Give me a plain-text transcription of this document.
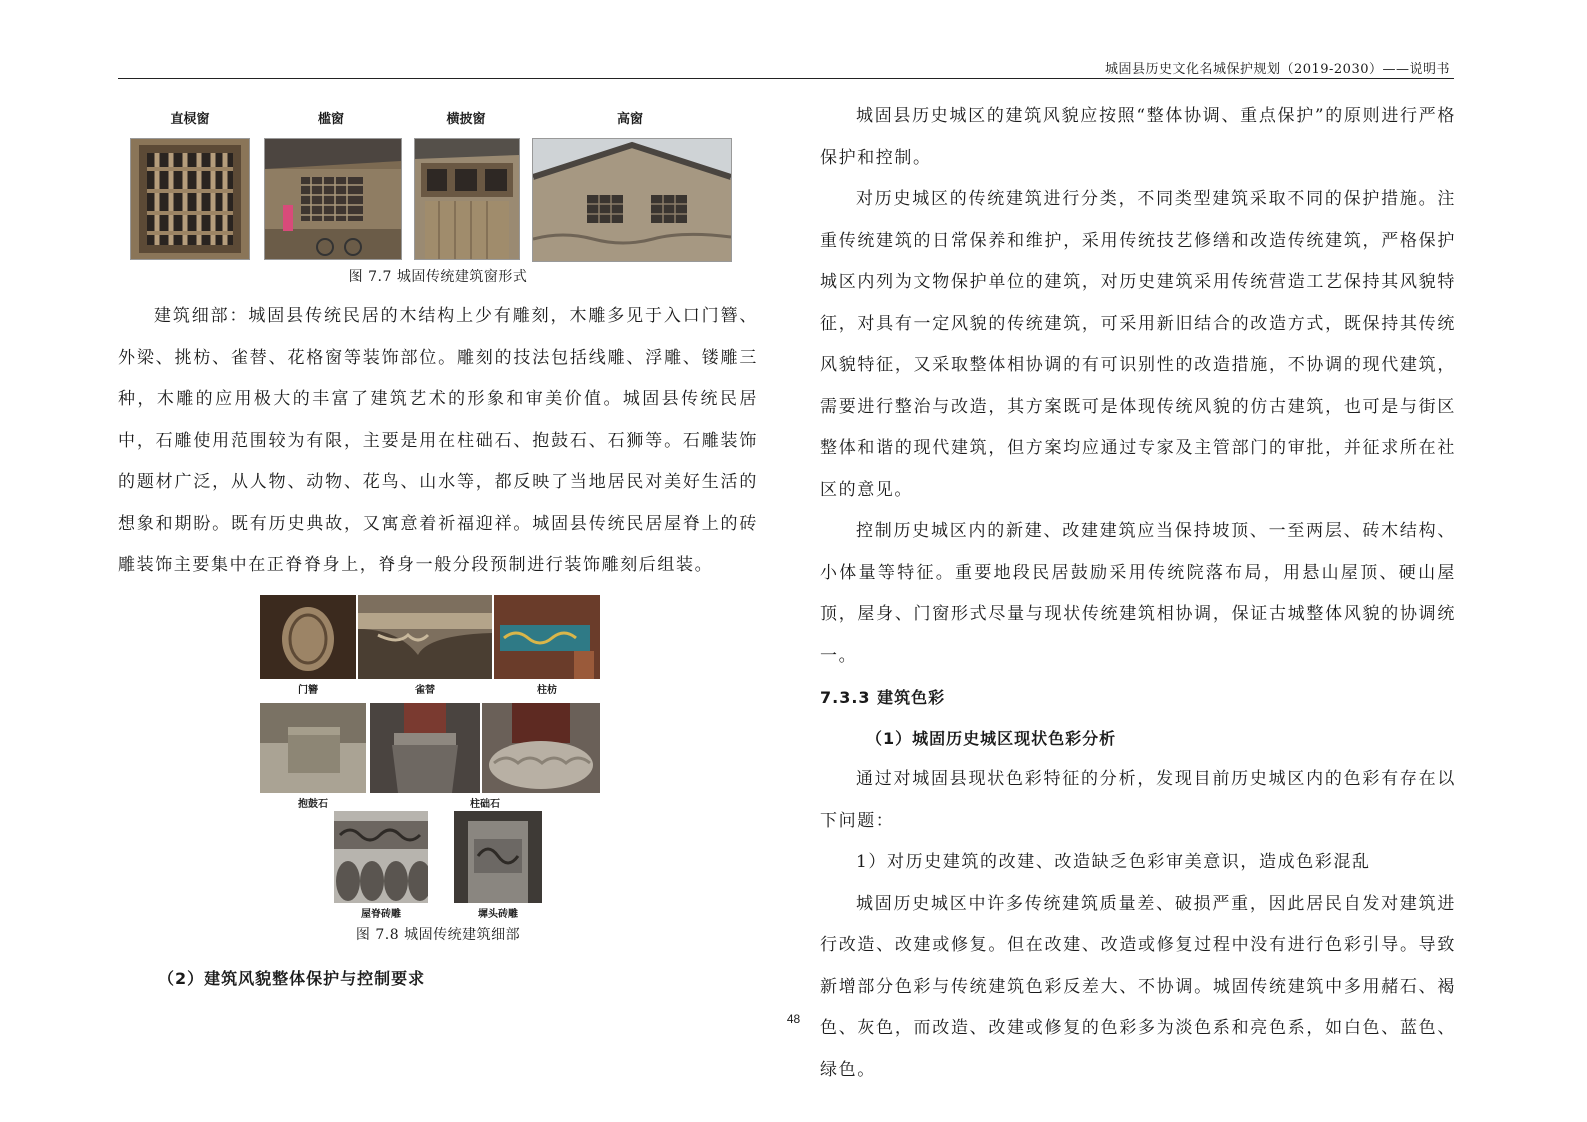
城固县历史文化名城保护规划（2019-2030）——说明书
直棂窗	槛窗	横披窗	高窗
图 7.7 城固传统建筑窗形式

建筑细部：城固县传统民居的木结构上少有雕刻，木雕多见于入口门簪、外梁、挑枋、雀替、花格窗等装饰部位。雕刻的技法包括线雕、浮雕、镂雕三种，木雕的应用极大的丰富了建筑艺术的形象和审美价值。城固县传统民居中，石雕使用范围较为有限，主要是用在柱础石、抱鼓石、石狮等。石雕装饰的题材广泛，从人物、动物、花鸟、山水等，都反映了当地居民对美好生活的想象和期盼。既有历史典故，又寓意着祈福迎祥。城固县传统民居屋脊上的砖雕装饰主要集中在正脊脊身上，脊身一般分段预制进行装饰雕刻后组装。

门簪	雀替	柱枋
抱鼓石	柱础石
屋脊砖雕	墀头砖雕
图 7.8 城固传统建筑细部

（2）建筑风貌整体保护与控制要求

城固县历史城区的建筑风貌应按照“整体协调、重点保护”的原则进行严格保护和控制。

对历史城区的传统建筑进行分类，不同类型建筑采取不同的保护措施。注重传统建筑的日常保养和维护，采用传统技艺修缮和改造传统建筑，严格保护城区内列为文物保护单位的建筑，对历史建筑采用传统营造工艺保持其风貌特征，对具有一定风貌的传统建筑，可采用新旧结合的改造方式，既保持其传统风貌特征，又采取整体相协调的有可识别性的改造措施，不协调的现代建筑，需要进行整治与改造，其方案既可是体现传统风貌的仿古建筑，也可是与街区整体和谐的现代建筑，但方案均应通过专家及主管部门的审批，并征求所在社区的意见。

控制历史城区内的新建、改建建筑应当保持坡顶、一至两层、砖木结构、小体量等特征。重要地段民居鼓励采用传统院落布局，用悬山屋顶、硬山屋顶，屋身、门窗形式尽量与现状传统建筑相协调，保证古城整体风貌的协调统一。

7.3.3 建筑色彩

（1）城固历史城区现状色彩分析

通过对城固县现状色彩特征的分析，发现目前历史城区内的色彩有存在以下问题：

1）对历史建筑的改建、改造缺乏色彩审美意识，造成色彩混乱

城固历史城区中许多传统建筑质量差、破损严重，因此居民自发对建筑进行改造、改建或修复。但在改建、改造或修复过程中没有进行色彩引导。导致新增部分色彩与传统建筑色彩反差大、不协调。城固传统建筑中多用赭石、褐色、灰色，而改造、改建或修复的色彩多为淡色系和亮色系，如白色、蓝色、绿色。

48
